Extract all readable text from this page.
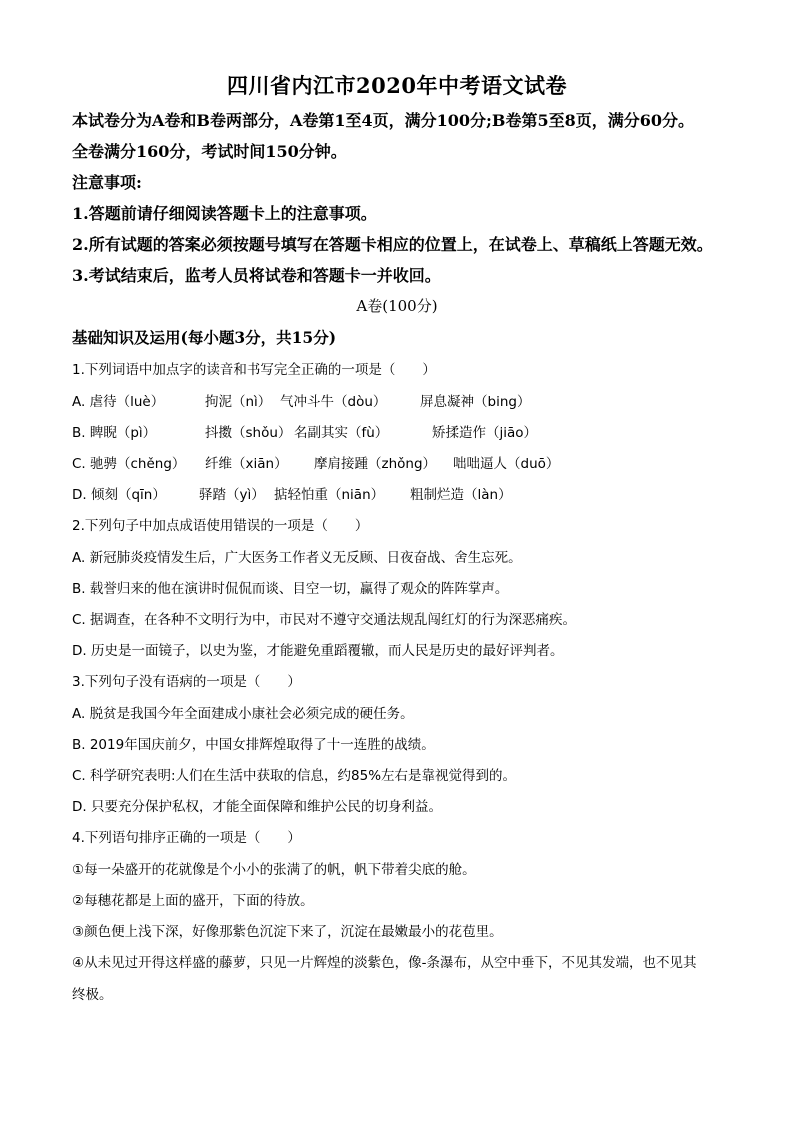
四川省内江市2020年中考语文试卷
本试卷分为A卷和B卷两部分，A卷第1至4页，满分100分;B卷第5至8页，满分60分。
全卷满分160分，考试时间150分钟。
注意事项:
1.答题前请仔细阅读答题卡上的注意事项。
2.所有试题的答案必须按题号填写在答题卡相应的位置上，在试卷上、草稿纸上答题无效。
3.考试结束后，监考人员将试卷和答题卡一并收回。
A卷(100分)
基础知识及运用(每小题3分，共15分)
1.下列词语中加点字的读音和书写完全正确的一项是（　　）
A. 虐待（luè）	拘泥（nì） 气冲斗牛（dòu） 屏息凝神（bing）
B. 睥睨（pì）	抖擞（shǒu） 名副其实（fù）	矫揉造作（jiāo）
C. 驰骋（chěng） 纤维（xiān） 摩肩接踵（zhǒng） 咄咄逼人（duō）
D. 倾刻（qīn） 驿踏（yì） 掂轻怕重（niān） 粗制烂造（làn）
2.下列句子中加点成语使用错误的一项是（　　）
A. 新冠肺炎疫情发生后，广大医务工作者义无反顾、日夜奋战、舍生忘死。
B. 载誉归来的他在演讲时侃侃而谈、目空一切，赢得了观众的阵阵掌声。
C. 据调查，在各种不文明行为中，市民对不遵守交通法规乱闯红灯的行为深恶痛疾。
D. 历史是一面镜子，以史为鉴，才能避免重蹈覆辙，而人民是历史的最好评判者。
3.下列句子没有语病的一项是（　　）
A. 脱贫是我国今年全面建成小康社会必须完成的硬任务。
B. 2019年国庆前夕，中国女排辉煌取得了十一连胜的战绩。
C. 科学研究表明:人们在生活中获取的信息，约85%左右是靠视觉得到的。
D. 只要充分保护私权，才能全面保障和维护公民的切身利益。
4.下列语句排序正确的一项是（　　）
①每一朵盛开的花就像是个小小的张满了的帆，帆下带着尖底的舱。
②每穗花都是上面的盛开，下面的待放。
③颜色便上浅下深，好像那紫色沉淀下来了，沉淀在最嫩最小的花苞里。
④从未见过开得这样盛的藤萝，只见一片辉煌的淡紫色，像-条瀑布，从空中垂下，不见其发端，也不见其
终极。
